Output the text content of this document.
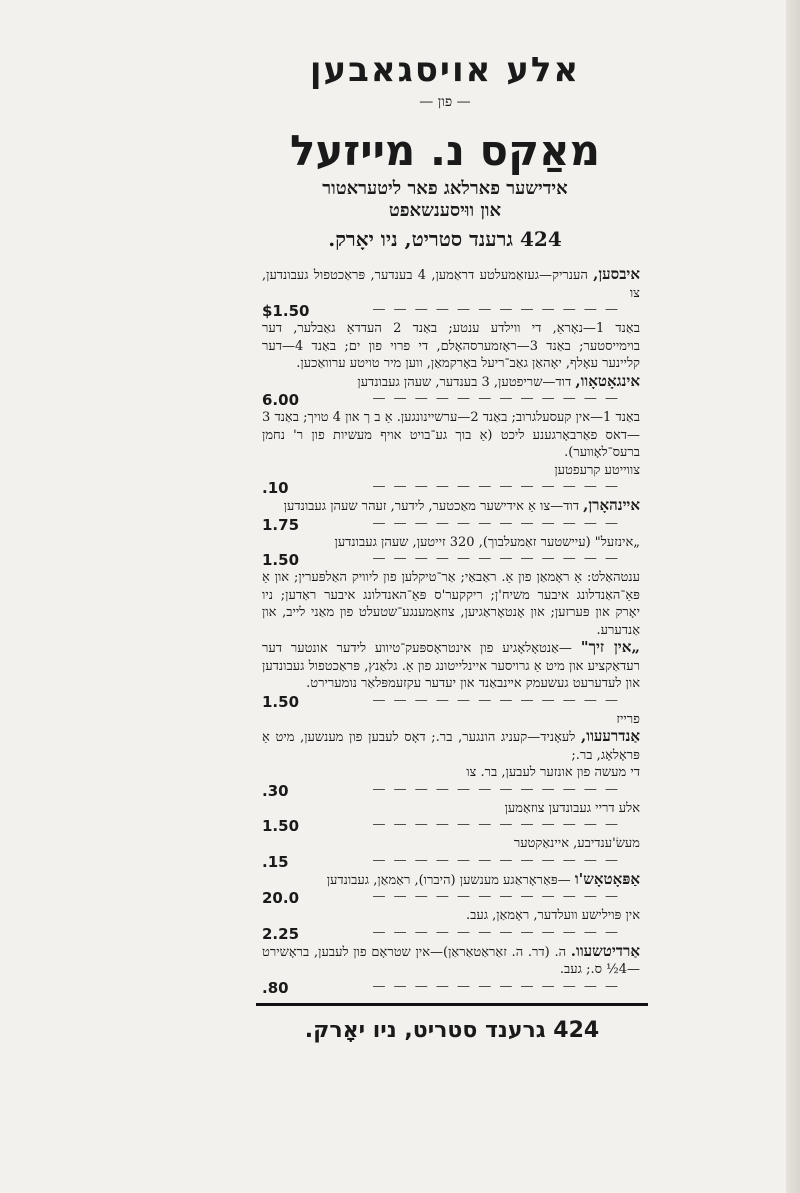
אלע אויסגאבען
— פון —
מאַקס נ. מייזעל
אידישער פארלאג פאר ליטעראטור
און ווּיסענשאפט
424 גרענד סטריט, ניו יאָרק.
איבסען, הענריק—געזאַמעלטע דראַמען, 4 בענדער, פּראַכטפול געבונדען, צו
— — — — — — — — — — — —
$1.50
באַנד 1—נאָראַ, די ווילדע ענטע; באַנד 2 העדדאַ גאַבלער, דער בוימייסטער; באַנד 3—ראָזמערסהאָלם, די פרוי פון ים; באַנד 4—דער קליינער עאָלף, יאָהאַן גאַב־ריעל באָרקמאַן, ווען מיר טויטע ערוואַכען.
אינגאָטאָוו, דוד—שריפטען, 3 בענדער, שעהן געבונדען
— — — — — — — — — — — —
6.00
באַנד 1—אין קעסעלגרוב; באַנד 2—ערשיינונגען. אַ ב ך און 4 טויך; באַנד 3—דאס פאַרבאָרגענע ליכט (אַ בוך גע־בויט אויף מעשיות פון ר' נחמן ברעס־לאָווער).
צווייטע קרעפטען
— — — — — — — — — — — —
.10
אײנהאָרן, דוד—צו אַ אידישער מאַכטער, לידער, זעהר שעהן געבונדען
— — — — — — — — — — — —
1.75
„אינזעל" (עיישטער זאַמעלבוך), 320 זייטען, שעהן געבונדען
— — — — — — — — — — — —
1.50
ענטהאַלט: אַ ראָמאַן פון אַ. ראַבאַי; אַר־טיקלען פון ליוויק האַלפּערין; און אַ פּאַ־האַנדלונג איבער משיח'ן; ריקקער'ס פּאַ־האנדלונג איבער ראַדען; ניו יאָרק און פּערזען; און אָנטאָראַגיען, צוזאַמענגע־שטעלט פון מאַני לייב, און אַנדערע.
„אין זיך" —אַנטאָלאָגיע פון אינטראָספּעק־טיווע לידער אונטער דער רעדאַקציע און מיט אַ גרויסער איינלייטונג פון אַ. גלאַנץ, פּראַכטפול געבונדען און לעדערעט געשעמק אײנבאַנד און יעדער עקזעמפּלאַר נומערירט.
— — — — — — — — — — — —
1.50
פרייז
אַנדרעעוו, לעאָניד—קעניג הונגער, בר.; דאָס לעבען פון מענשען, מיט אַ פּראָלאָג, בר.;
די מעשה פון אונזער לעבען, בר. צו
— — — — — — — — — — — —
.30
אלע דריי געבונדען צוזאַמען
— — — — — — — — — — — —
1.50
מעשׂ'ענדיבע, איינאַקטער
— — — — — — — — — — — —
.15
אַפּאָטאָש'ו —פּאַראָראַגע מענשען (היברו), ראַמאַן, געבונדען
— — — — — — — — — — — —
20.0
אין פּוילישע וועלדער, ראָמאַן, געב.
— — — — — — — — — — — —
2.25
אַרדיטשעוו. ה. (דר. ה. זאַראַטאַראַן)—אין שטראָם פון לעבען, בראָשירט—4½ ס.; געב.
— — — — — — — — — — — —
.80
424 גרענד סטריט, ניו יאָרק.
